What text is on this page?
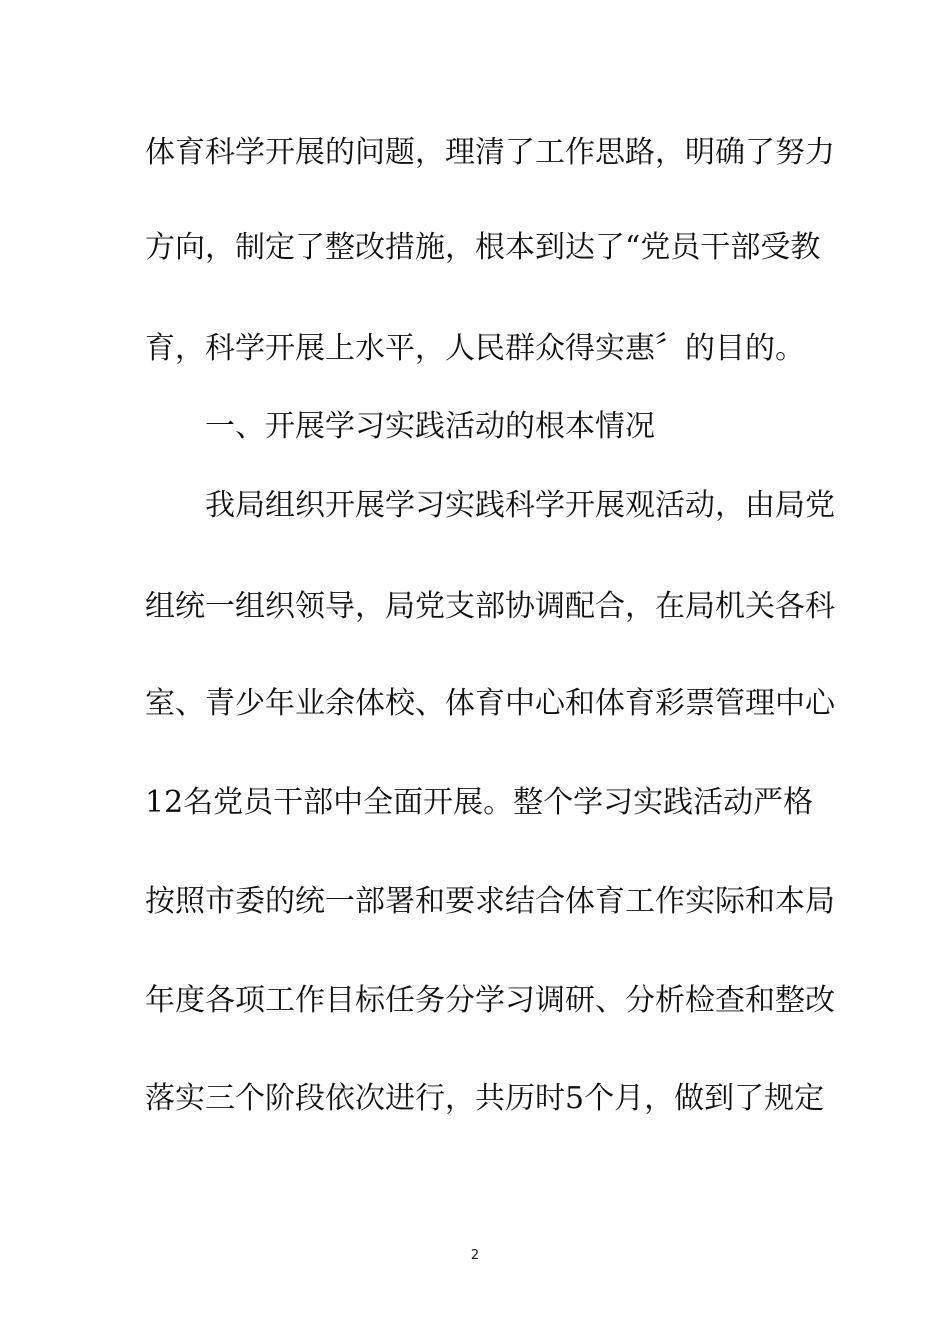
体育科学开展的问题，理清了工作思路，明确了努力
方向，制定了整改措施，根本到达了“党员干部受教
育，科学开展上水平，人民群众得实惠〞的目的。
一、开展学习实践活动的根本情况
我局组织开展学习实践科学开展观活动，由局党
组统一组织领导，局党支部协调配合，在局机关各科
室、青少年业余体校、体育中心和体育彩票管理中心
12名党员干部中全面开展。整个学习实践活动严格
按照市委的统一部署和要求结合体育工作实际和本局
年度各项工作目标任务分学习调研、分析检查和整改
落实三个阶段依次进行，共历时5个月，做到了规定
2
